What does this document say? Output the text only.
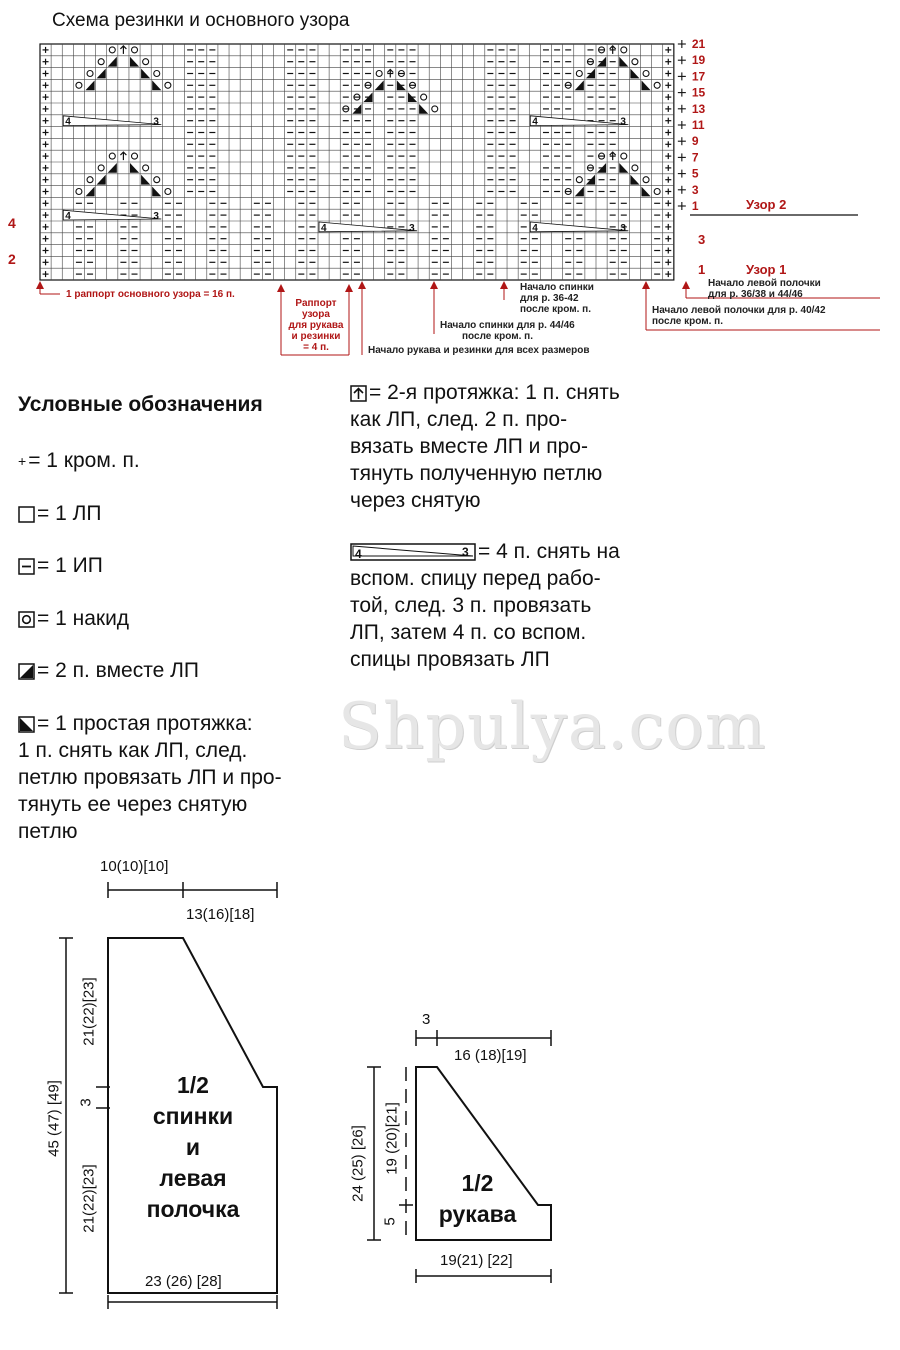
Схема резинки и основного узора
4	3
4	3	4	3
4	3
4	3
21
19
17
15
13
11
9
7
5
3
1
4
2
3
1
Узор 2
Узор 1
1 раппорт основного узора = 16 п.
Раппорт
узора
для рукава
и резинки
= 4 п.
Начало спинки для р. 44/46
после кром. п.
Начало рукава и резинки для всех размеров
Начало спинки
для р. 36-42
после кром. п.
Начало левой полочки
для р. 36/38 и 44/46
Начало левой полочки для р. 40/42
после кром. п.
Условные обозначения
+= 1 кром. п.
= 1 ЛП
= 1 ИП
= 1 накид
= 2 п. вместе ЛП
= 1 простая протяжка:
1 п. снять как ЛП, след.
петлю провязать ЛП и про-
тянуть ее через снятую
петлю
= 2-я протяжка: 1 п. снять
как ЛП, след. 2 п. про-
вязать вместе ЛП и про-
тянуть полученную петлю
через снятую
4	3 = 4 п. снять на
вспом. спицу перед рабо-
той, след. 3 п. провязать
ЛП, затем 4 п. со вспом.
спицы провязать ЛП
Shpulya.com
10(10)[10]
13(16)[18]
23 (26) [28]
45 (47) [49]
21(22)[23]
3
21(22)[23]
1/2
спинки
и
левая
полочка
3
16 (18)[19]
19(21) [22]
24 (25) [26] 19 (20)[21]
5
1/2
рукава
